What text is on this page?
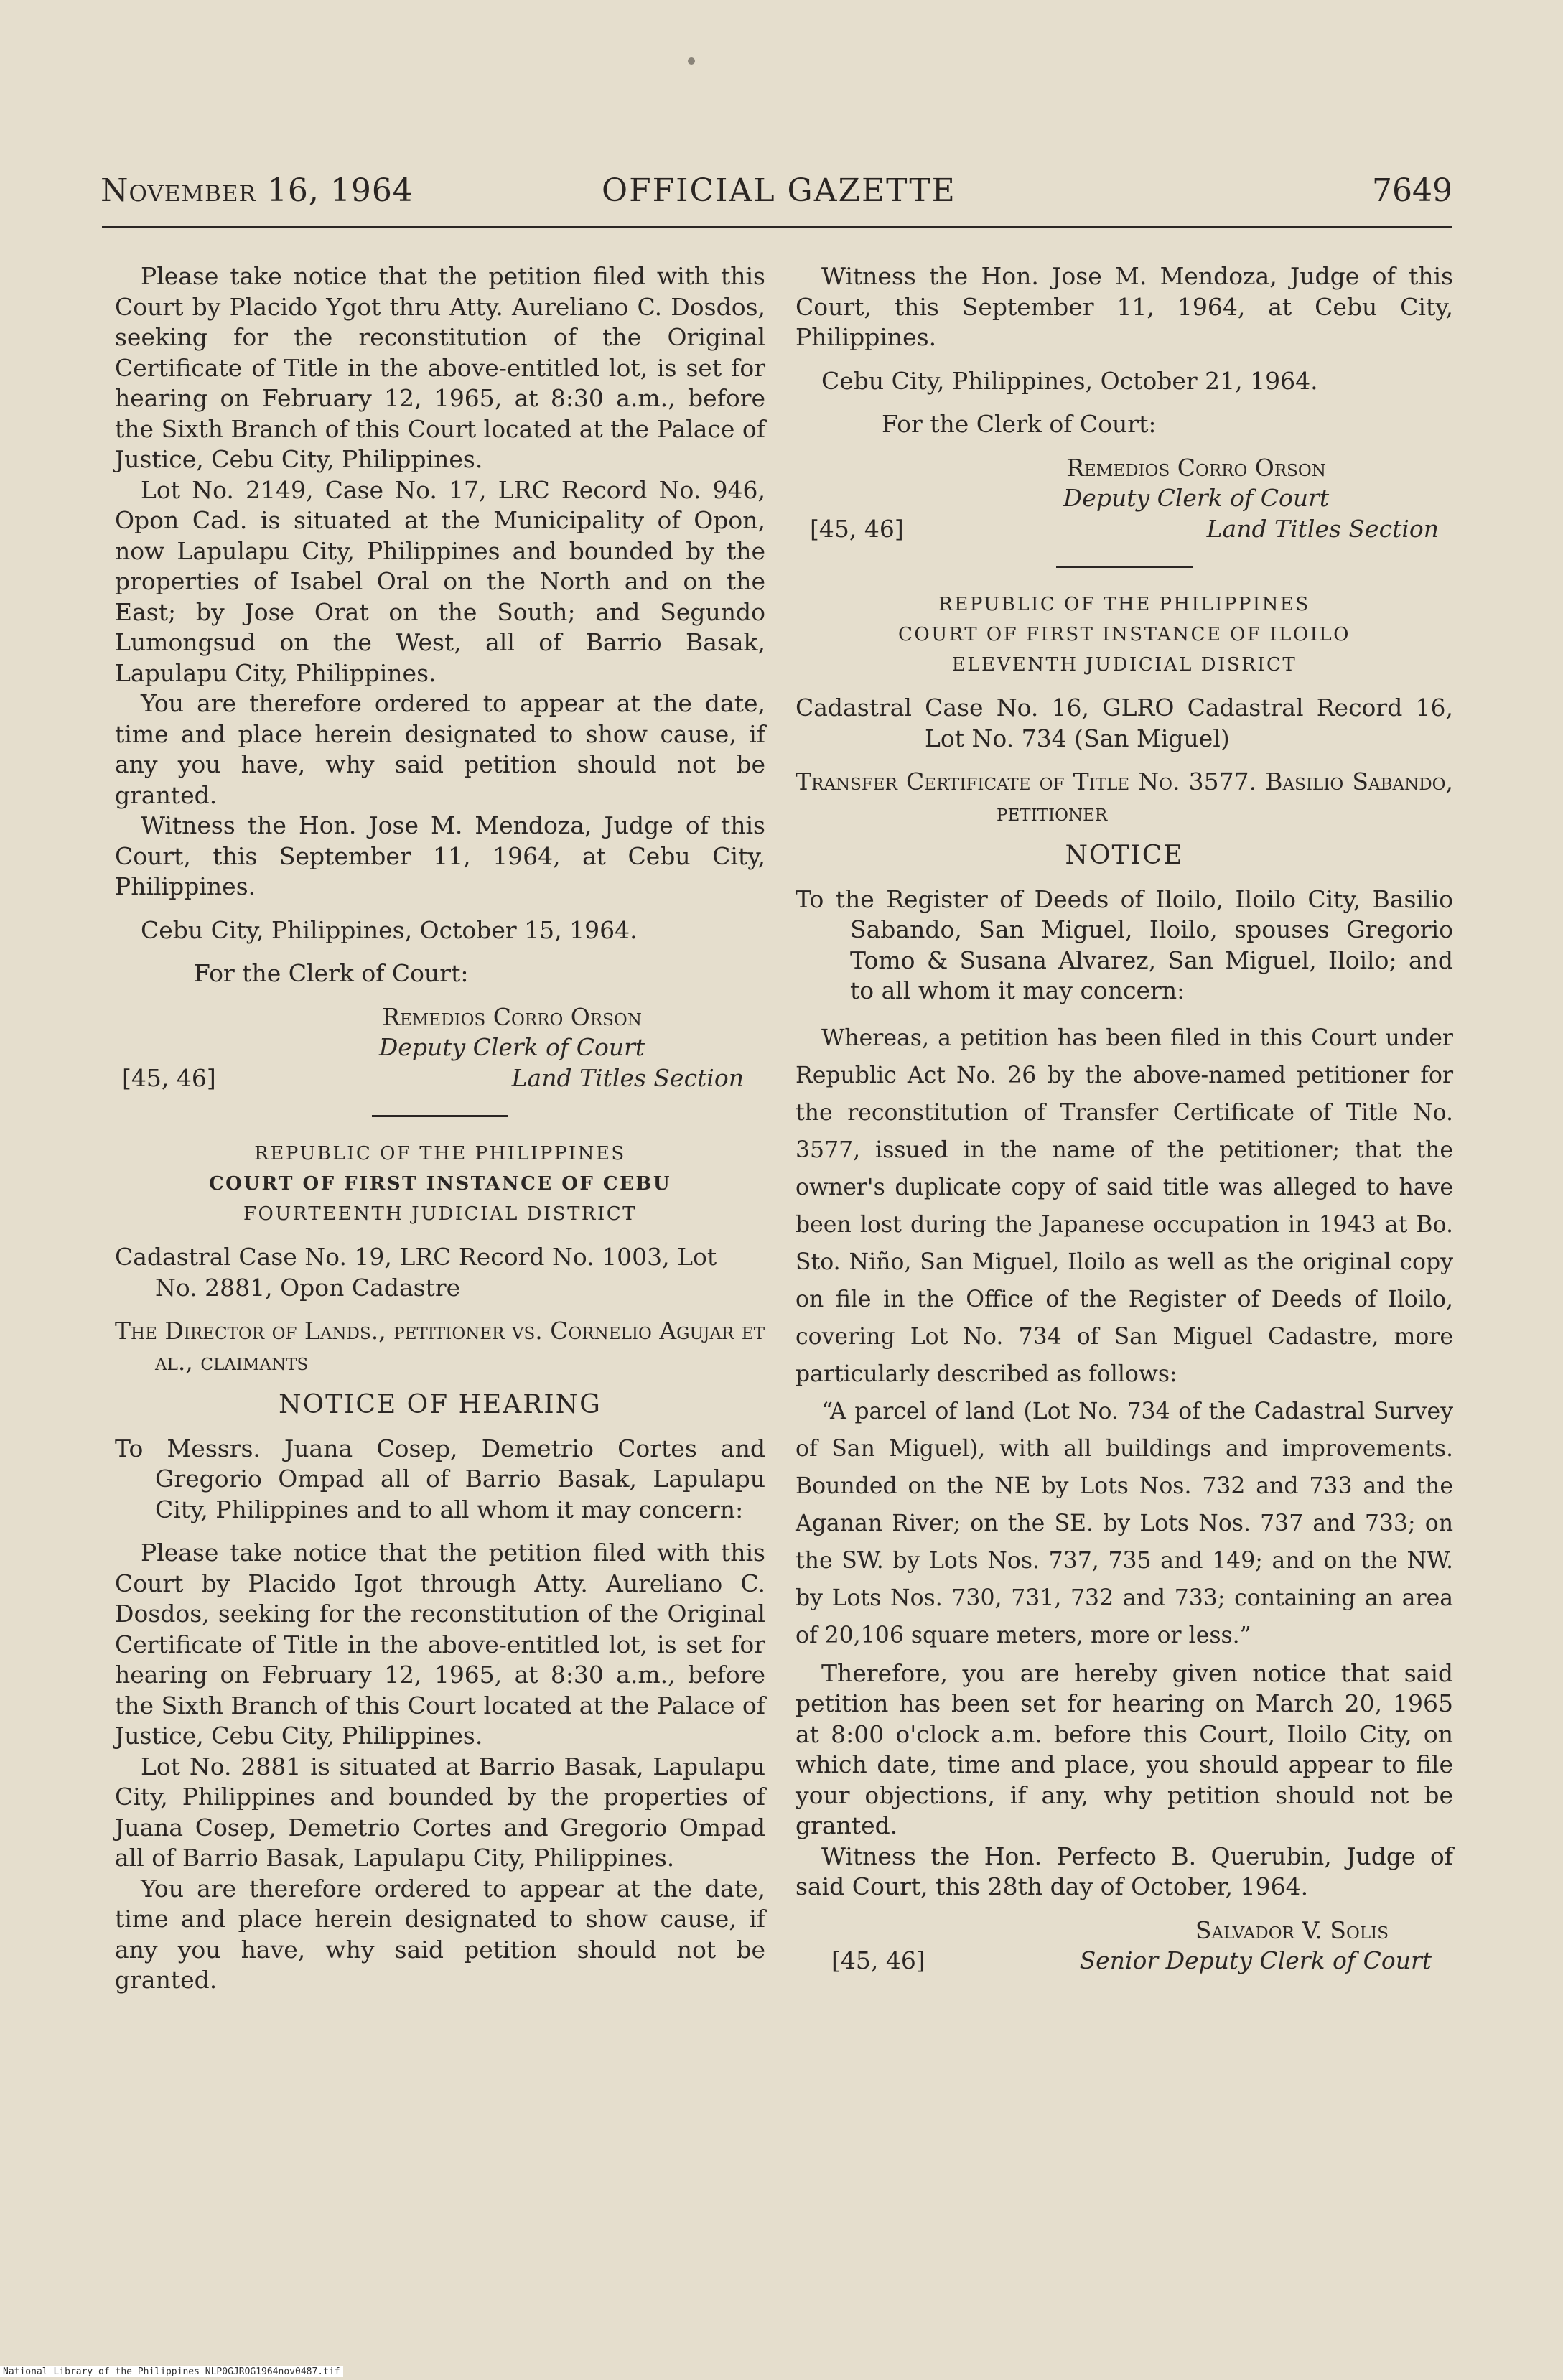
November 16, 1964	OFFICIAL GAZETTE	7649

Please take notice that the petition filed with this Court by Placido Ygot thru Atty. Aureliano C. Dosdos, seeking for the reconstitution of the Original Certificate of Title in the above-entitled lot, is set for hearing on February 12, 1965, at 8:30 a.m., before the Sixth Branch of this Court located at the Palace of Justice, Cebu City, Philippines.

Lot No. 2149, Case No. 17, LRC Record No. 946, Opon Cad. is situated at the Municipality of Opon, now Lapulapu City, Philippines and bounded by the properties of Isabel Oral on the North and on the East; by Jose Orat on the South; and Segundo Lumongsud on the West, all of Barrio Basak, Lapulapu City, Philippines.

You are therefore ordered to appear at the date, time and place herein designated to show cause, if any you have, why said petition should not be granted.

Witness the Hon. Jose M. Mendoza, Judge of this Court, this September 11, 1964, at Cebu City, Philippines.

Cebu City, Philippines, October 15, 1964.

For the Clerk of Court:

Remedios Corro Orson
Deputy Clerk of Court
[45, 46]	Land Titles Section
REPUBLIC OF THE PHILIPPINES
COURT OF FIRST INSTANCE OF CEBU
FOURTEENTH JUDICIAL DISTRICT

Cadastral Case No. 19, LRC Record No. 1003, Lot No. 2881, Opon Cadastre

The Director of Lands., petitioner vs. Cornelio Agujar et al., claimants

NOTICE OF HEARING

To Messrs. Juana Cosep, Demetrio Cortes and Gregorio Ompad all of Barrio Basak, Lapulapu City, Philippines and to all whom it may concern:

Please take notice that the petition filed with this Court by Placido Igot through Atty. Aureliano C. Dosdos, seeking for the reconstitution of the Original Certificate of Title in the above-entitled lot, is set for hearing on February 12, 1965, at 8:30 a.m., before the Sixth Branch of this Court located at the Palace of Justice, Cebu City, Philippines.

Lot No. 2881 is situated at Barrio Basak, Lapulapu City, Philippines and bounded by the properties of Juana Cosep, Demetrio Cortes and Gregorio Ompad all of Barrio Basak, Lapulapu City, Philippines.

You are therefore ordered to appear at the date, time and place herein designated to show cause, if any you have, why said petition should not be granted.

Witness the Hon. Jose M. Mendoza, Judge of this Court, this September 11, 1964, at Cebu City, Philippines.

Cebu City, Philippines, October 21, 1964.

For the Clerk of Court:

Remedios Corro Orson
Deputy Clerk of Court
[45, 46]	Land Titles Section
REPUBLIC OF THE PHILIPPINES
COURT OF FIRST INSTANCE OF ILOILO
ELEVENTH JUDICIAL DISRICT

Cadastral Case No. 16, GLRO Cadastral Record 16, Lot No. 734 (San Miguel)

Transfer Certificate of Title No. 3577. Basilio Sabando, petitioner

NOTICE

To the Register of Deeds of Iloilo, Iloilo City, Basilio Sabando, San Miguel, Iloilo, spouses Gregorio Tomo & Susana Alvarez, San Miguel, Iloilo; and to all whom it may concern:

Whereas, a petition has been filed in this Court under Republic Act No. 26 by the above-named petitioner for the reconstitution of Transfer Certificate of Title No. 3577, issued in the name of the petitioner; that the owner's duplicate copy of said title was alleged to have been lost during the Japanese occupation in 1943 at Bo. Sto. Niño, San Miguel, Iloilo as well as the original copy on file in the Office of the Register of Deeds of Iloilo, covering Lot No. 734 of San Miguel Cadastre, more particularly described as follows:

“A parcel of land (Lot No. 734 of the Cadastral Survey of San Miguel), with all buildings and improvements. Bounded on the NE by Lots Nos. 732 and 733 and the Aganan River; on the SE. by Lots Nos. 737 and 733; on the SW. by Lots Nos. 737, 735 and 149; and on the NW. by Lots Nos. 730, 731, 732 and 733; containing an area of 20,106 square meters, more or less.”

Therefore, you are hereby given notice that said petition has been set for hearing on March 20, 1965 at 8:00 o'clock a.m. before this Court, Iloilo City, on which date, time and place, you should appear to file your objections, if any, why petition should not be granted.

Witness the Hon. Perfecto B. Querubin, Judge of said Court, this 28th day of October, 1964.

Salvador V. Solis
[45, 46]	Senior Deputy Clerk of Court
National Library of the Philippines NLP0GJROG1964nov0487.tif
